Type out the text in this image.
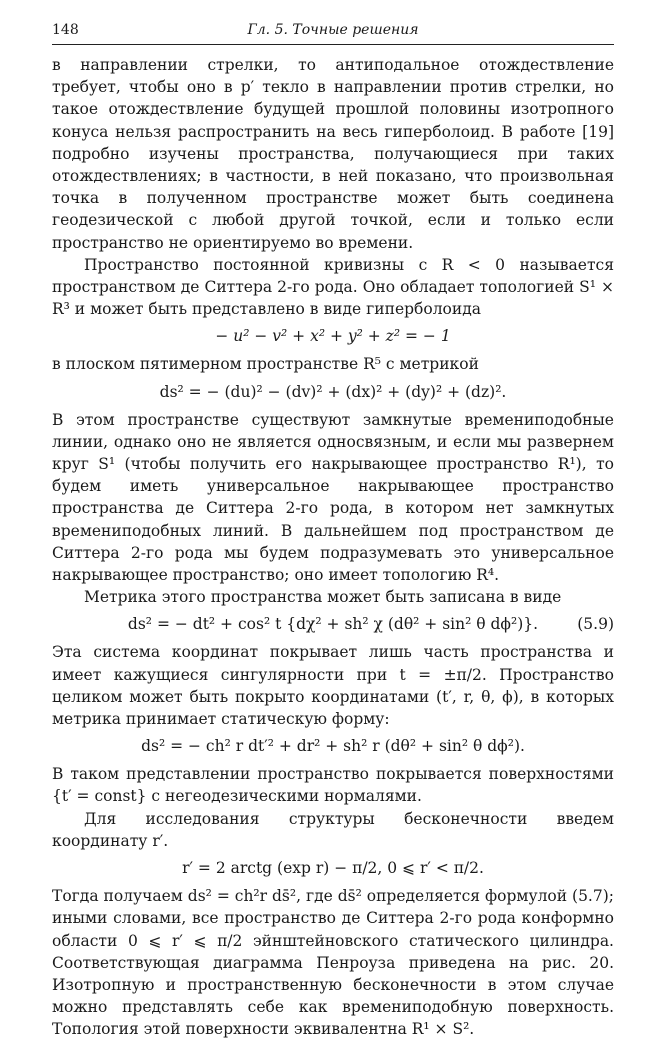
148	Гл. 5. Точные решения

в направлении стрелки, то антиподальное отождествление требует, чтобы оно в p′ текло в направлении против стрелки, но такое отождествление будущей прошлой половины изотропного конуса нельзя распространить на весь гиперболоид. В работе [19] подробно изучены пространства, получающиеся при таких отождествлениях; в частности, в ней показано, что произвольная точка в полученном пространстве может быть соединена геодезической с любой другой точкой, если и только если пространство не ориентируемо во времени.

Пространство постоянной кривизны с R < 0 называется пространством де Ситтера 2-го рода. Оно обладает топологией S¹ × R³ и может быть представлено в виде гиперболоида

− u² − v² + x² + y² + z² = − 1

в плоском пятимерном пространстве R⁵ с метрикой

ds² = − (du)² − (dv)² + (dx)² + (dy)² + (dz)².

В этом пространстве существуют замкнутые времениподобные линии, однако оно не является односвязным, и если мы развернем круг S¹ (чтобы получить его накрывающее пространство R¹), то будем иметь универсальное накрывающее пространство пространства де Ситтера 2-го рода, в котором нет замкнутых времениподобных линий. В дальнейшем под пространством де Ситтера 2-го рода мы будем подразумевать это универсальное накрывающее пространство; оно имеет топологию R⁴.

Метрика этого пространства может быть записана в виде

ds² = − dt² + cos² t {dχ² + sh² χ (dθ² + sin² θ dϕ²)}.	(5.9)

Эта система координат покрывает лишь часть пространства и имеет кажущиеся сингулярности при t = ±π/2. Пространство целиком может быть покрыто координатами (t′, r, θ, ϕ), в которых метрика принимает статическую форму:

ds² = − ch² r dt′² + dr² + sh² r (dθ² + sin² θ dϕ²).

В таком представлении пространство покрывается поверхностями {t′ = const} с негеодезическими нормалями.

Для исследования структуры бесконечности введем координату r′.

r′ = 2 arctg (exp r) − π/2, 0 ⩽ r′ < π/2.

Тогда получаем ds² = ch²r ds̄², где ds̄² определяется формулой (5.7); иными словами, все пространство де Ситтера 2-го рода конформно области 0 ⩽ r′ ⩽ π/2 эйнштейновского статического цилиндра. Соответствующая диаграмма Пенроуза приведена на рис. 20. Изотропную и пространственную бесконечности в этом случае можно представлять себе как времениподобную поверхность. Топология этой поверхности эквивалентна R¹ × S².
